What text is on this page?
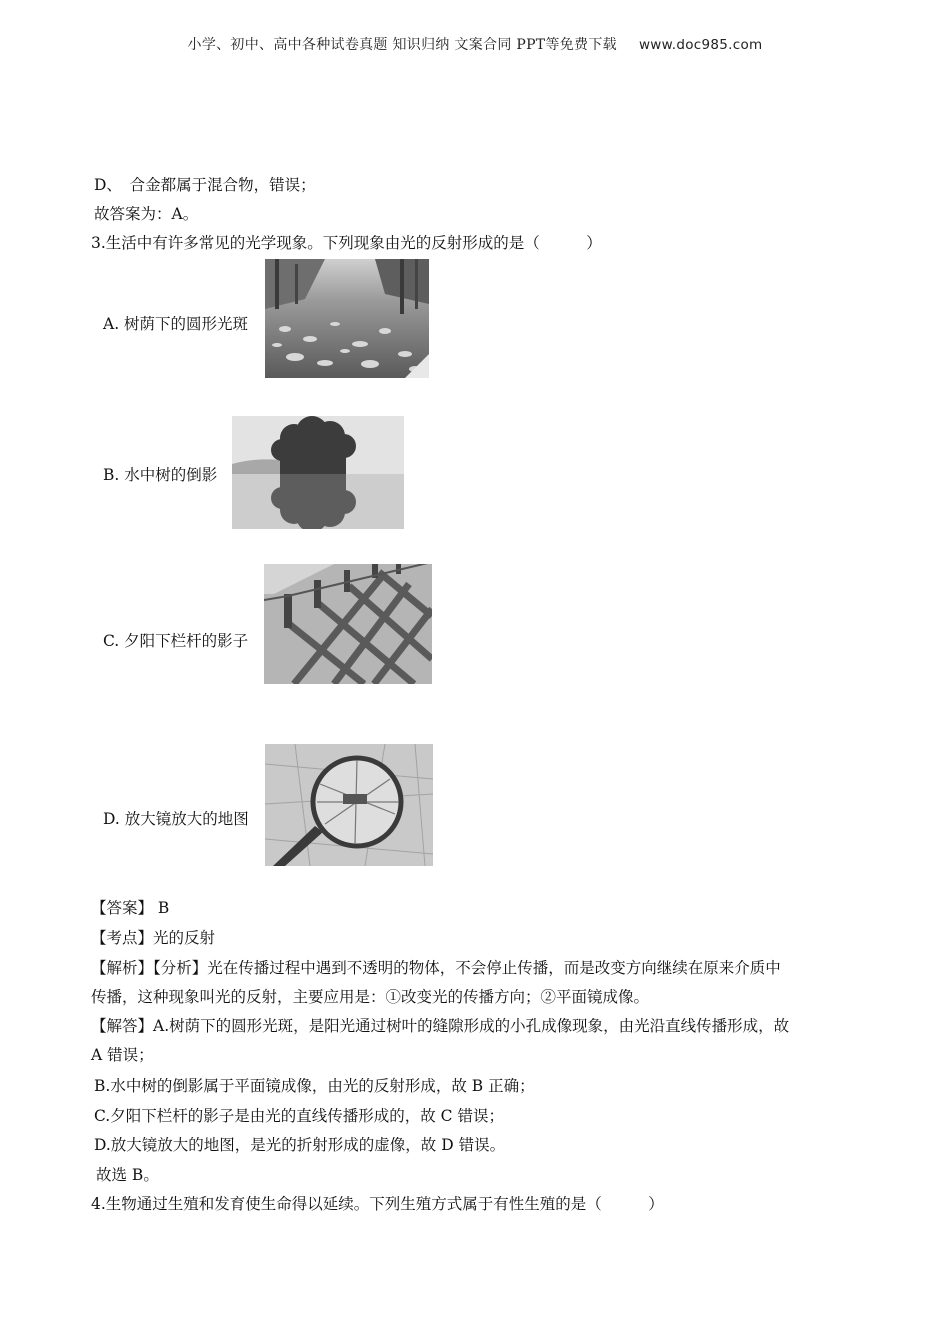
小学、初中、高中各种试卷真题 知识归纳 文案合同 PPT等免费下载 www.doc985.com
D、　合金都属于混合物，错误；
故答案为：A。
3.生活中有许多常见的光学现象。下列现象由光的反射形成的是（　　　）
A. 树荫下的圆形光斑
B. 水中树的倒影
C. 夕阳下栏杆的影子
D. 放大镜放大的地图
【答案】 B
【考点】光的反射
【解析】【分析】光在传播过程中遇到不透明的物体，不会停止传播，而是改变方向继续在原来介质中
传播，这种现象叫光的反射，主要应用是：①改变光的传播方向；②平面镜成像。
【解答】A.树荫下的圆形光斑，是阳光通过树叶的缝隙形成的小孔成像现象，由光沿直线传播形成，故
A 错误；
B.水中树的倒影属于平面镜成像，由光的反射形成，故 B 正确；
C.夕阳下栏杆的影子是由光的直线传播形成的，故 C 错误；
D.放大镜放大的地图，是光的折射形成的虚像，故 D 错误。
故选 B。
4.生物通过生殖和发育使生命得以延续。下列生殖方式属于有性生殖的是（　　　）
